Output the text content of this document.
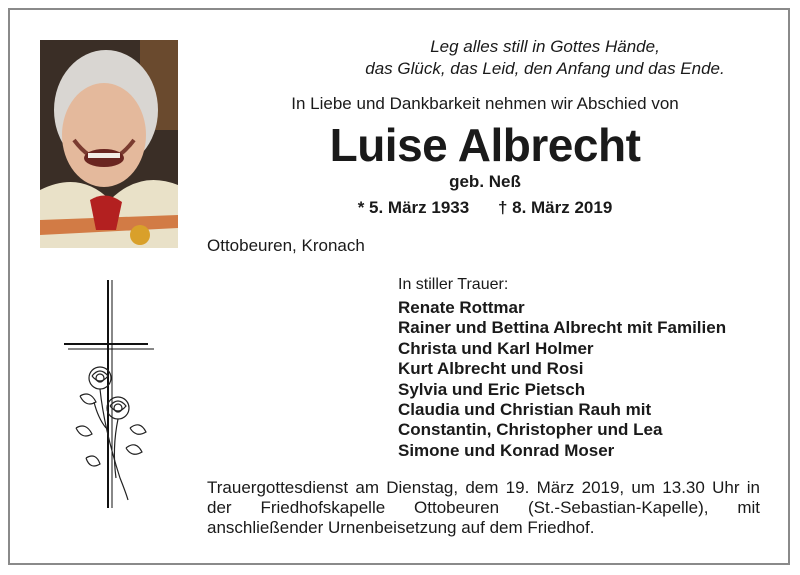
Leg alles still in Gottes Hände,
das Glück, das Leid, den Anfang und das Ende.
In Liebe und Dankbarkeit nehmen wir Abschied von
Luise Albrecht
geb. Neß
* 5. März 1933 † 8. März 2019
Ottobeuren, Kronach
In stiller Trauer:
Renate Rottmar
Rainer und Bettina Albrecht mit Familien
Christa und Karl Holmer
Kurt Albrecht und Rosi
Sylvia und Eric Pietsch
Claudia und Christian Rauh mit
Constantin, Christopher und Lea
Simone und Konrad Moser
Trauergottesdienst am Dienstag, dem 19. März 2019, um 13.30 Uhr in der Friedhofskapelle Ottobeuren (St.-Sebastian-Kapelle), mit anschließender Urnenbeisetzung auf dem Friedhof.
